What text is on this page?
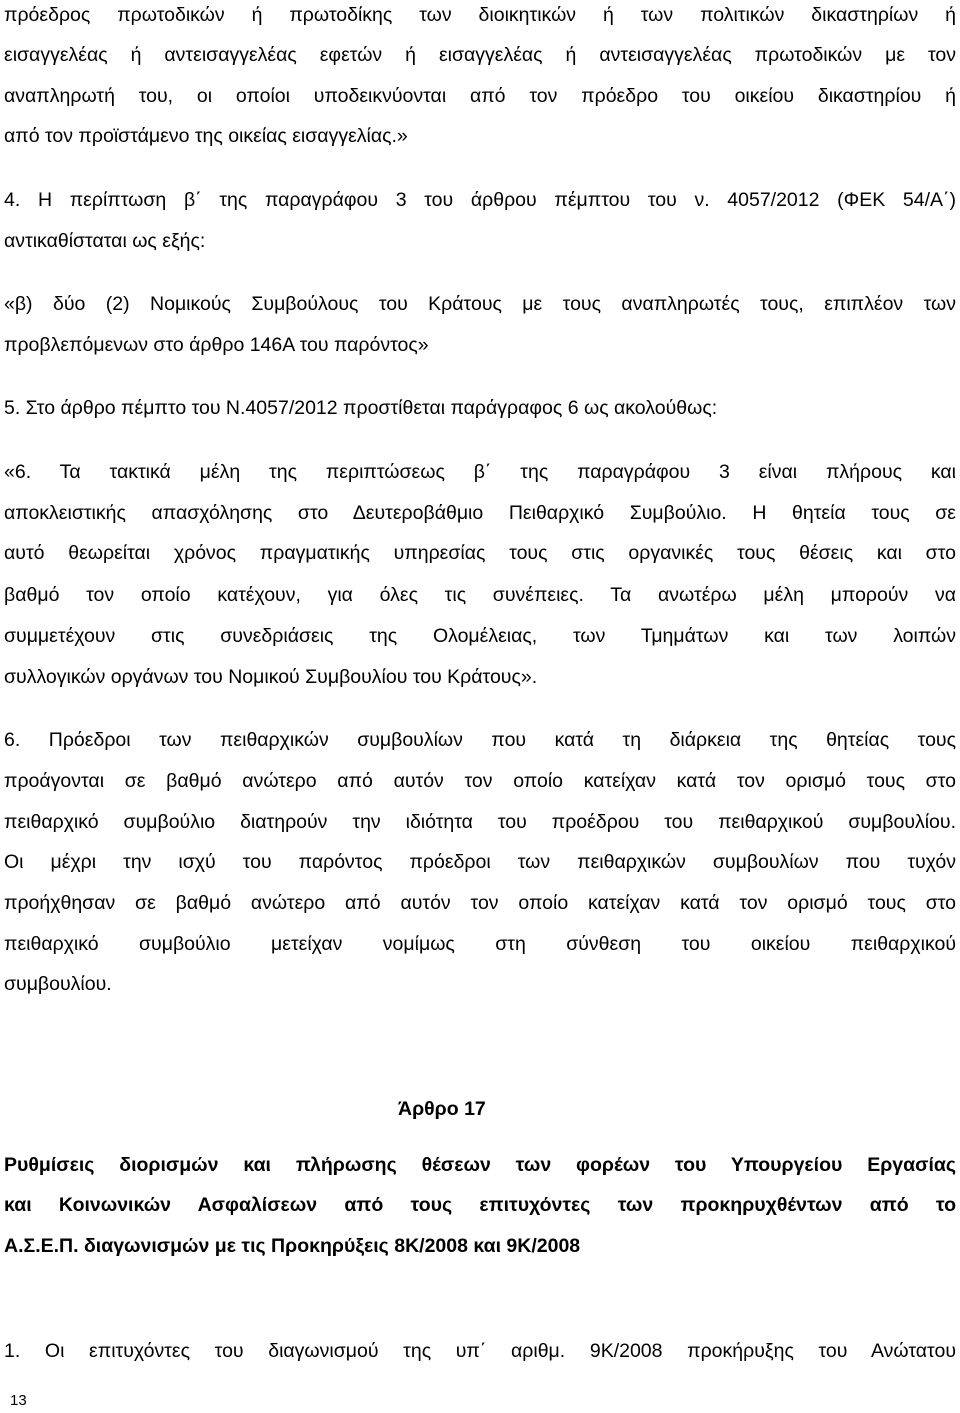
πρόεδρος πρωτοδικών ή πρωτοδίκης των διοικητικών ή των πολιτικών δικαστηρίων ή
εισαγγελέας ή αντεισαγγελέας εφετών ή εισαγγελέας ή αντεισαγγελέας πρωτοδικών με τον
αναπληρωτή του, οι οποίοι υποδεικνύονται από τον πρόεδρο του οικείου δικαστηρίου ή
από τον προϊστάμενο της οικείας εισαγγελίας.»
4. Η περίπτωση β΄ της παραγράφου 3 του άρθρου πέμπτου του ν. 4057/2012 (ΦΕΚ 54/Α΄)
αντικαθίσταται ως εξής:
«β) δύο (2) Νομικούς Συμβούλους του Κράτους με τους αναπληρωτές τους, επιπλέον των
προβλεπόμενων στο άρθρο 146Α του παρόντος»
5. Στο άρθρο πέμπτο του Ν.4057/2012 προστίθεται παράγραφος 6 ως ακολούθως:
«6. Τα τακτικά μέλη της περιπτώσεως β΄ της παραγράφου 3 είναι πλήρους και
αποκλειστικής απασχόλησης στο Δευτεροβάθμιο Πειθαρχικό Συμβούλιο. Η θητεία τους σε
αυτό θεωρείται χρόνος πραγματικής υπηρεσίας τους στις οργανικές τους θέσεις και στο
βαθμό τον οποίο κατέχουν, για όλες τις συνέπειες. Τα ανωτέρω μέλη μπορούν να
συμμετέχουν στις συνεδριάσεις της Ολομέλειας, των Τμημάτων και των λοιπών
συλλογικών οργάνων του Νομικού Συμβουλίου του Κράτους».
6. Πρόεδροι των πειθαρχικών συμβουλίων που κατά τη διάρκεια της θητείας τους
προάγονται σε βαθμό ανώτερο από αυτόν τον οποίο κατείχαν κατά τον ορισμό τους στο
πειθαρχικό συμβούλιο διατηρούν την ιδιότητα του προέδρου του πειθαρχικού συμβουλίου.
Οι μέχρι την ισχύ του παρόντος πρόεδροι των πειθαρχικών συμβουλίων που τυχόν
προήχθησαν σε βαθμό ανώτερο από αυτόν τον οποίο κατείχαν κατά τον ορισμό τους στο
πειθαρχικό συμβούλιο μετείχαν νομίμως στη σύνθεση του οικείου πειθαρχικού
συμβουλίου.
Άρθρο 17
Ρυθμίσεις διορισμών και πλήρωσης θέσεων των φορέων του Υπουργείου Εργασίας
και Κοινωνικών Ασφαλίσεων από τους επιτυχόντες των προκηρυχθέντων από το
Α.Σ.Ε.Π. διαγωνισμών με τις Προκηρύξεις 8Κ/2008 και 9Κ/2008
1. Οι επιτυχόντες του διαγωνισμού της υπ΄ αριθμ. 9Κ/2008 προκήρυξης του Ανώτατου
13
